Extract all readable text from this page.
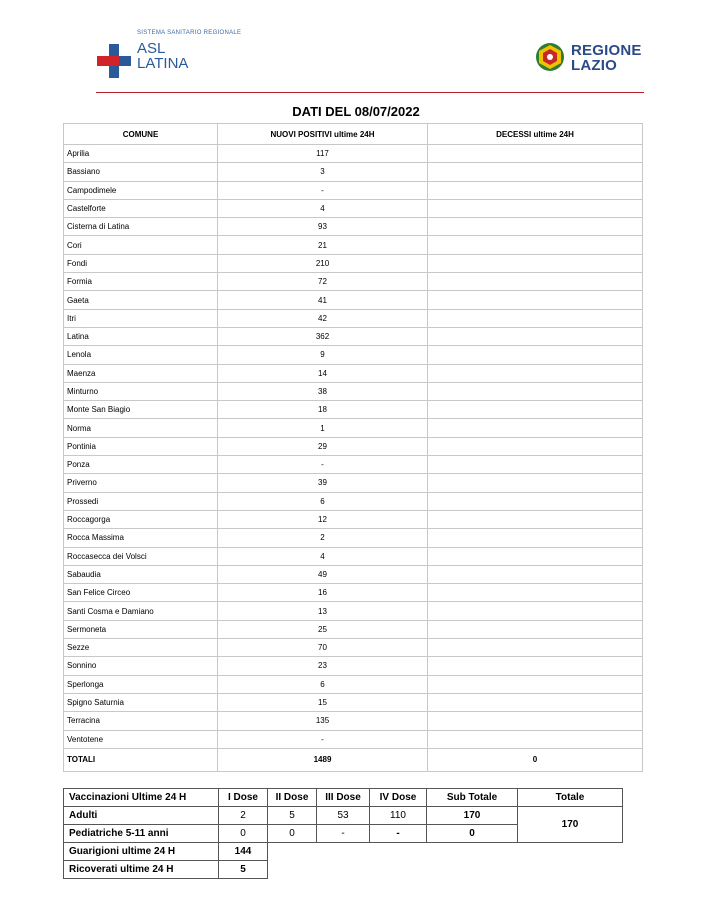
SISTEMA SANITARIO REGIONALE
ASL
LATINA
REGIONE
LAZIO
DATI DEL 08/07/2022
COMUNE	NUOVI POSITIVI ultime 24H	DECESSI ultime 24H
Aprilia	117	
Bassiano	3	
Campodimele	-	
Castelforte	4	
Cisterna di Latina	93	
Cori	21	
Fondi	210	
Formia	72	
Gaeta	41	
Itri	42	
Latina	362	
Lenola	9	
Maenza	14	
Minturno	38	
Monte San Biagio	18	
Norma	1	
Pontinia	29	
Ponza	-	
Priverno	39	
Prossedi	6	
Roccagorga	12	
Rocca Massima	2	
Roccasecca dei Volsci	4	
Sabaudia	49	
San Felice Circeo	16	
Santi Cosma e Damiano	13	
Sermoneta	25	
Sezze	70	
Sonnino	23	
Sperlonga	6	
Spigno Saturnia	15	
Terracina	135	
Ventotene	-	
TOTALI	1489	0
Vaccinazioni Ultime 24 H	I Dose	II Dose	III Dose	IV Dose	Sub Totale	Totale
Adulti	2	5	53	110	170	170
Pediatriche 5-11 anni	0	0	-	-	0	
Guarigioni ultime 24 H	144					
Ricoverati ultime 24 H	5					
